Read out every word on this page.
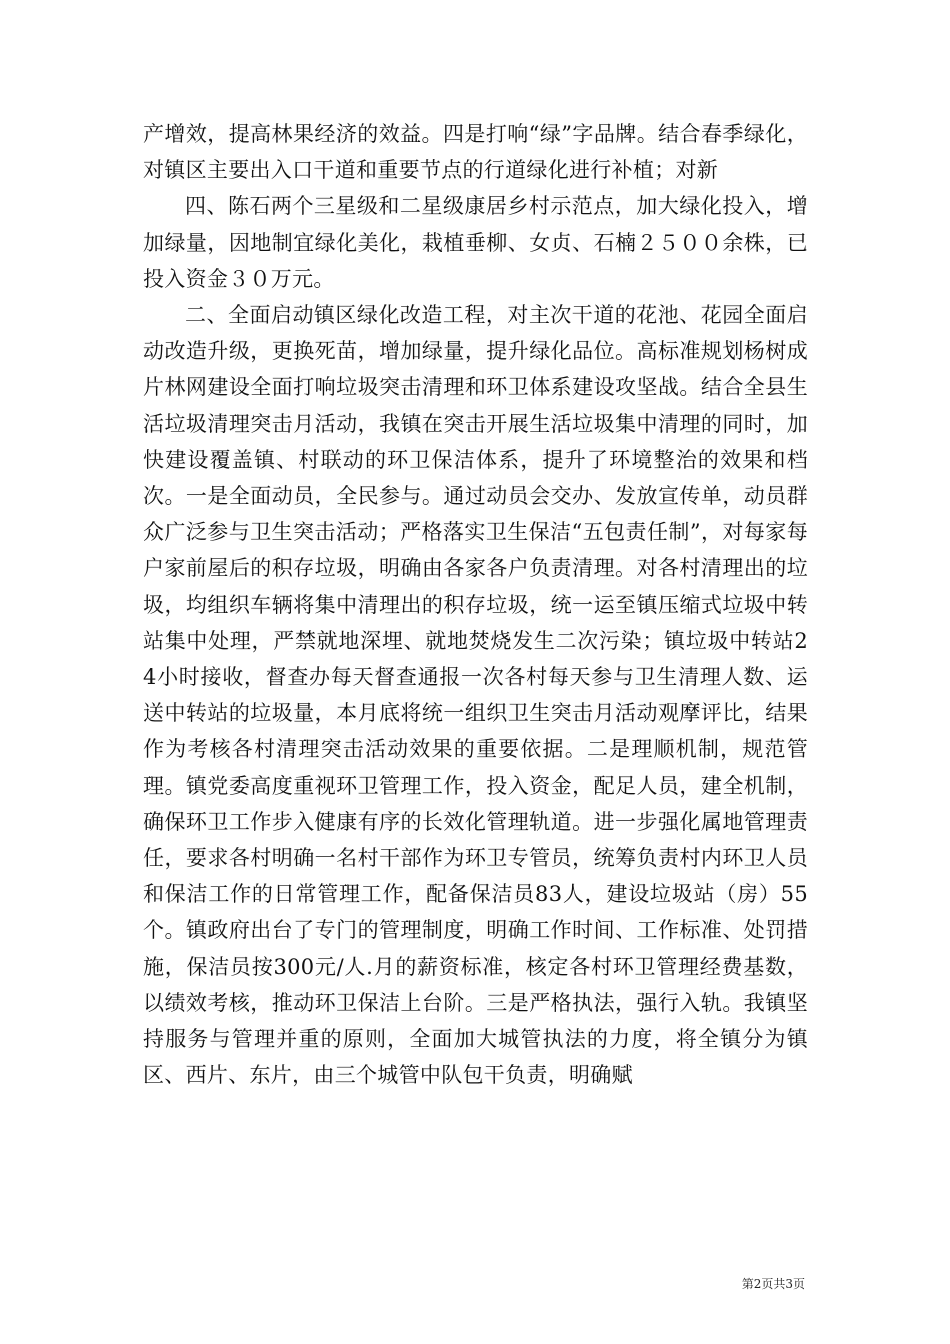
产增效，提高林果经济的效益。四是打响“绿”字品牌。结合春季绿化，对镇区主要出入口干道和重要节点的行道绿化进行补植；对新

四、陈石两个三星级和二星级康居乡村示范点，加大绿化投入，增加绿量，因地制宜绿化美化，栽植垂柳、女贞、石楠２５００余株，已投入资金３０万元。

二、全面启动镇区绿化改造工程，对主次干道的花池、花园全面启动改造升级，更换死苗，增加绿量，提升绿化品位。高标准规划杨树成片林网建设全面打响垃圾突击清理和环卫体系建设攻坚战。结合全县生活垃圾清理突击月活动，我镇在突击开展生活垃圾集中清理的同时，加快建设覆盖镇、村联动的环卫保洁体系，提升了环境整治的效果和档次。一是全面动员，全民参与。通过动员会交办、发放宣传单，动员群众广泛参与卫生突击活动；严格落实卫生保洁“五包责任制”，对每家每户家前屋后的积存垃圾，明确由各家各户负责清理。对各村清理出的垃圾，均组织车辆将集中清理出的积存垃圾，统一运至镇压缩式垃圾中转站集中处理，严禁就地深埋、就地焚烧发生二次污染；镇垃圾中转站24小时接收，督查办每天督查通报一次各村每天参与卫生清理人数、运送中转站的垃圾量，本月底将统一组织卫生突击月活动观摩评比，结果作为考核各村清理突击活动效果的重要依据。二是理顺机制，规范管理。镇党委高度重视环卫管理工作，投入资金，配足人员，建全机制，确保环卫工作步入健康有序的长效化管理轨道。进一步强化属地管理责任，要求各村明确一名村干部作为环卫专管员，统筹负责村内环卫人员和保洁工作的日常管理工作，配备保洁员83人，建设垃圾站（房）55个。镇政府出台了专门的管理制度，明确工作时间、工作标准、处罚措施，保洁员按300元/人.月的薪资标准，核定各村环卫管理经费基数，以绩效考核，推动环卫保洁上台阶。三是严格执法，强行入轨。我镇坚持服务与管理并重的原则，全面加大城管执法的力度，将全镇分为镇区、西片、东片，由三个城管中队包干负责，明确赋

第2页共3页
